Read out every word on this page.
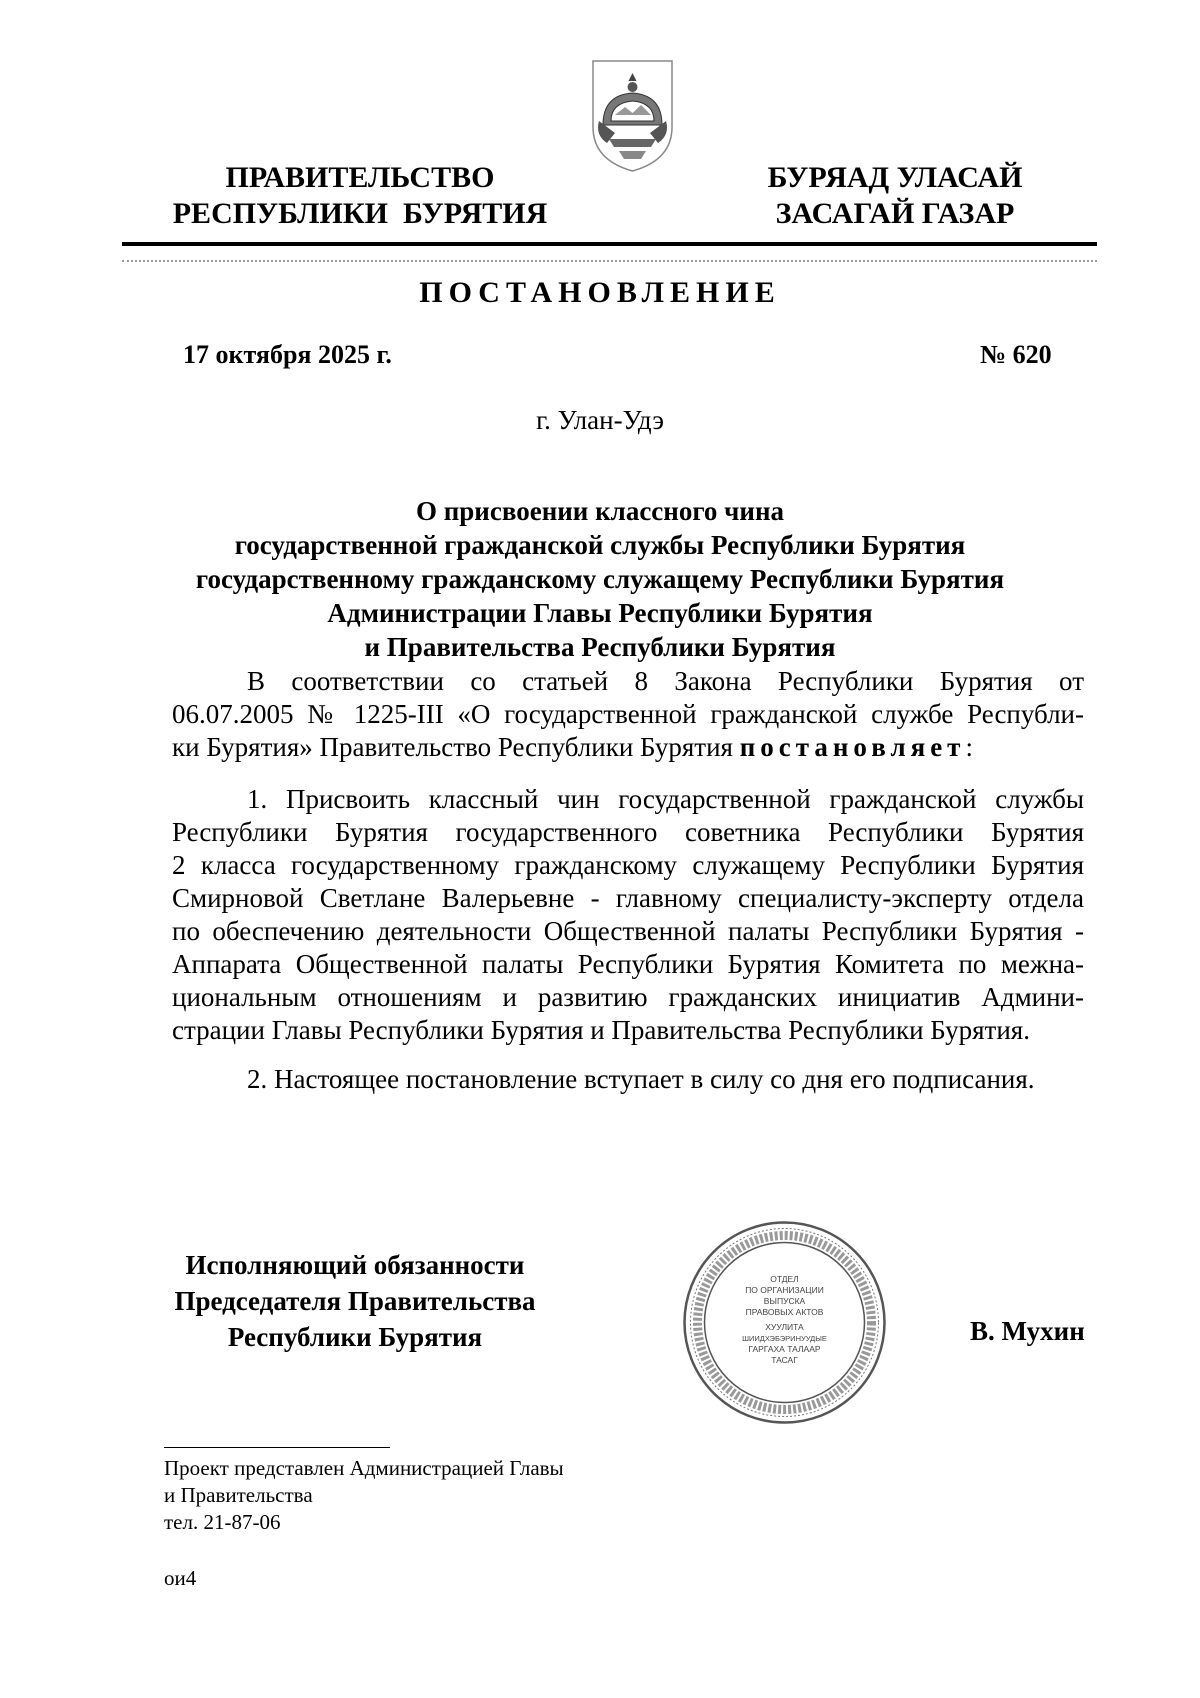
ПРАВИТЕЛЬСТВО
РЕСПУБЛИКИ  БУРЯТИЯ
БУРЯАД УЛАСАЙ
ЗАСАГАЙ ГАЗАР
ПОСТАНОВЛЕНИЕ
17 октября 2025 г.	№ 620
г. Улан-Удэ
О присвоении классного чина
государственной гражданской службы Республики Бурятия
государственному гражданскому служащему Республики Бурятия
Администрации Главы Республики Бурятия
и Правительства Республики Бурятия
В соответствии со статьей 8 Закона Республики Бурятия от
06.07.2005 № 1225-III «О государственной гражданской службе Республи-
ки Бурятия» Правительство Республики Бурятия постановляет:
1. Присвоить классный чин государственной гражданской службы
Республики Бурятия государственного советника Республики Бурятия
2 класса государственному гражданскому служащему Республики Бурятия
Смирновой Светлане Валерьевне - главному специалисту-эксперту отдела
по обеспечению деятельности Общественной палаты Республики Бурятия -
Аппарата Общественной палаты Республики Бурятия Комитета по межна-
циональным отношениям и развитию гражданских инициатив Админи-
страции Главы Республики Бурятия и Правительства Республики Бурятия.
2. Настоящее постановление вступает в силу со дня его подписания.
Исполняющий обязанности
Председателя Правительства
Республики Бурятия
ОТДЕЛ
ПО ОРГАНИЗАЦИИ
ВЫПУСКА
ПРАВОВЫХ АКТОВ
ХУУЛИТА
ШИИДХЭБЭРИНУУДЫЕ
ГАРГАХА ТАЛААР
ТАСАГ
В. Мухин
Проект представлен Администрацией Главы
и Правительства
тел. 21-87-06
ои4
